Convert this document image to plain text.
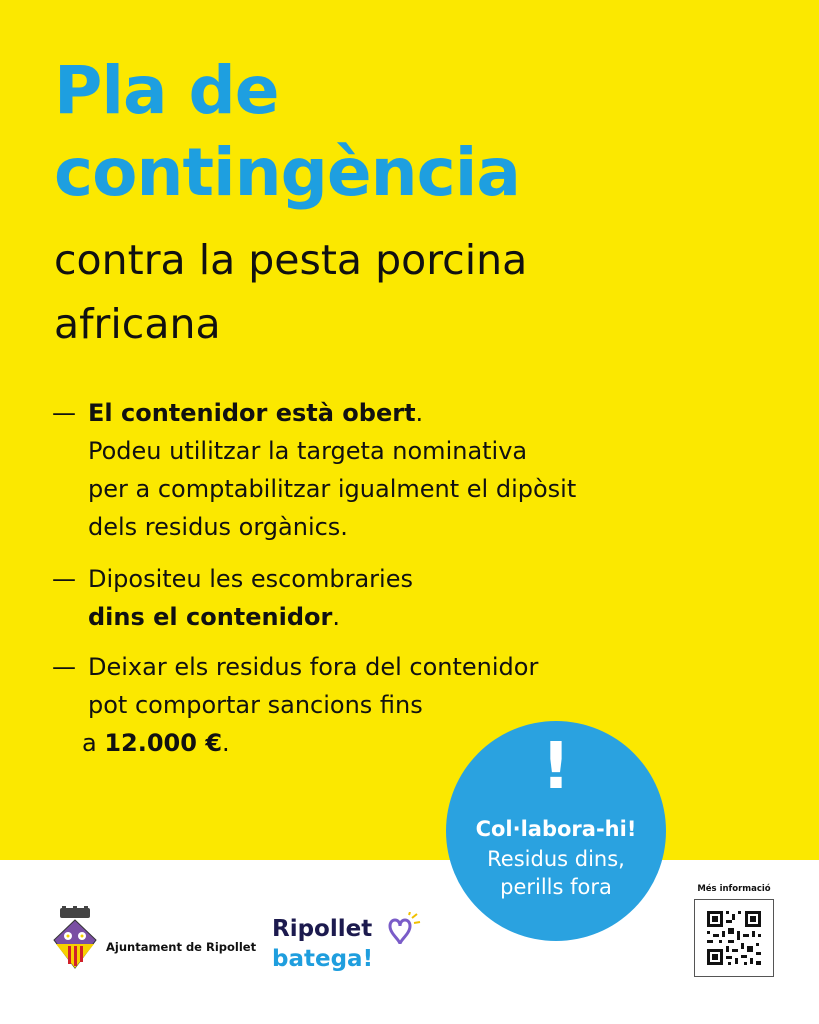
Pla de
contingència

contra la pesta porcina

africana

— El contenidor està obert.
Podeu utilitzar la targeta nominativa
per a comptabilitzar igualment el dipòsit
dels residus orgànics.
— Dipositeu les escombraries
dins el contenidor.
— Deixar els residus fora del contenidor
pot comportar sancions fins
a 12.000 €.	!
Col·labora-hi!
Residus dins,
perills fora
Ajuntament de Ripollet
Ripollet
batega!
Més informació
